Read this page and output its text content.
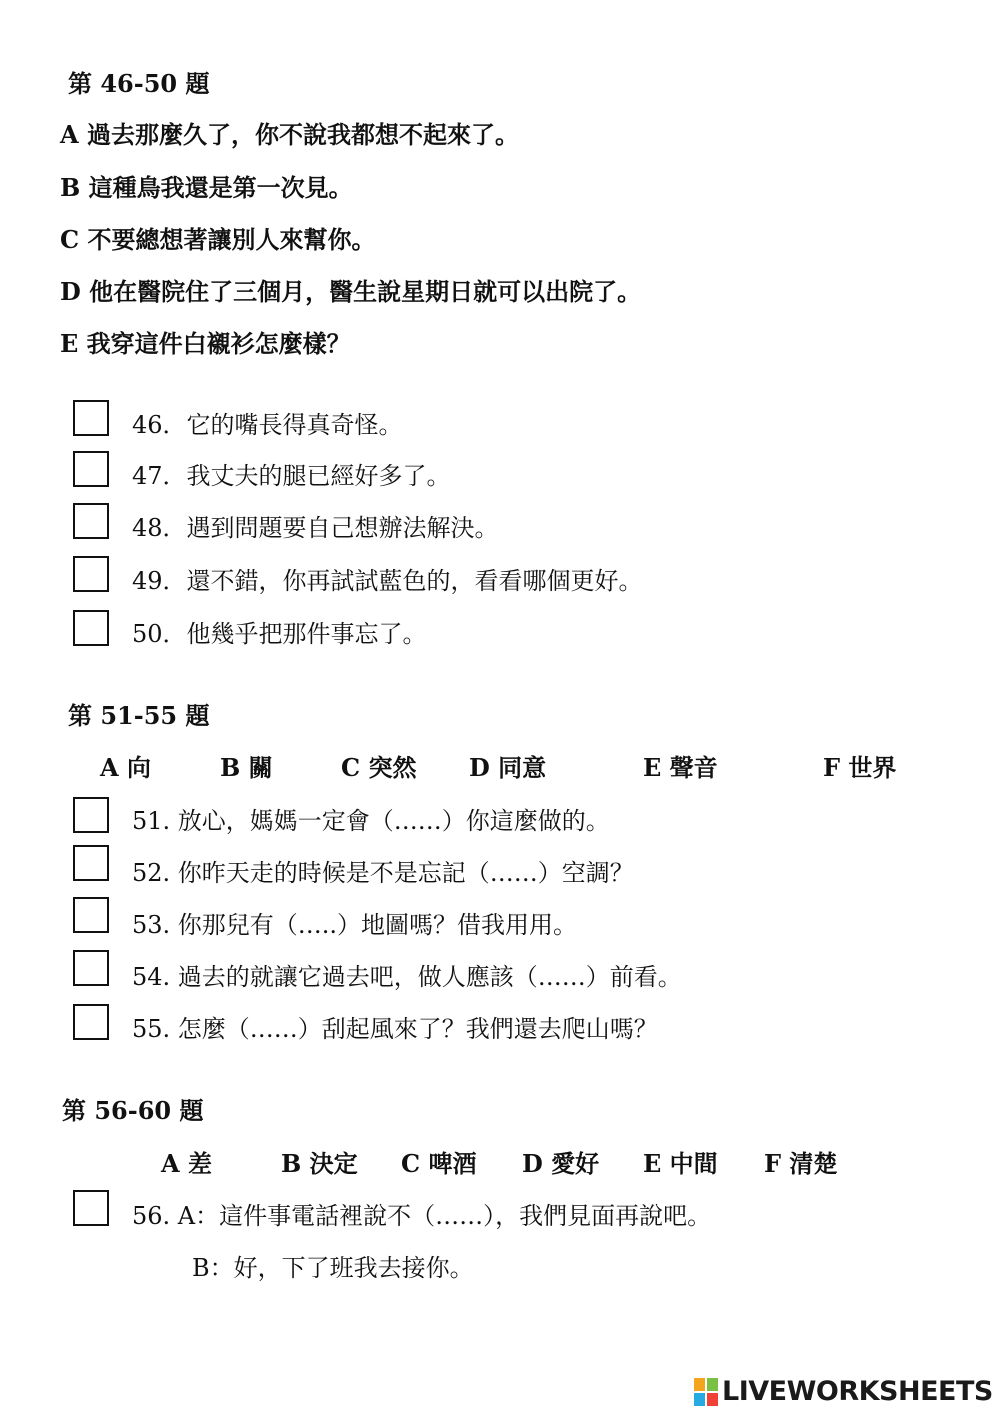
第 46-50 題
A 過去那麼久了，你不說我都想不起來了。
B 這種鳥我還是第一次見。
C 不要總想著讓別人來幫你。
D 他在醫院住了三個月，醫生說星期日就可以出院了。
E 我穿這件白襯衫怎麼樣？
46．它的嘴長得真奇怪。
47．我丈夫的腿已經好多了。
48．遇到問題要自己想辦法解決。
49．還不錯，你再試試藍色的，看看哪個更好。
50．他幾乎把那件事忘了。
第 51-55 題
A 向	B 關	C 突然 D 同意	E 聲音	F 世界
51. 放心，媽媽一定會（……）你這麼做的。
52. 你昨天走的時候是不是忘記（……）空調？
53. 你那兒有（…..）地圖嗎？借我用用。
54. 過去的就讓它過去吧，做人應該（……）前看。
55. 怎麼（……）刮起風來了？我們還去爬山嗎？
第 56-60 題
A 差	B 決定 C 啤酒 D 愛好 E 中間 F 清楚
56. A：這件事電話裡說不（……），我們見面再說吧。
B：好，下了班我去接你。
LIVEWORKSHEETS
